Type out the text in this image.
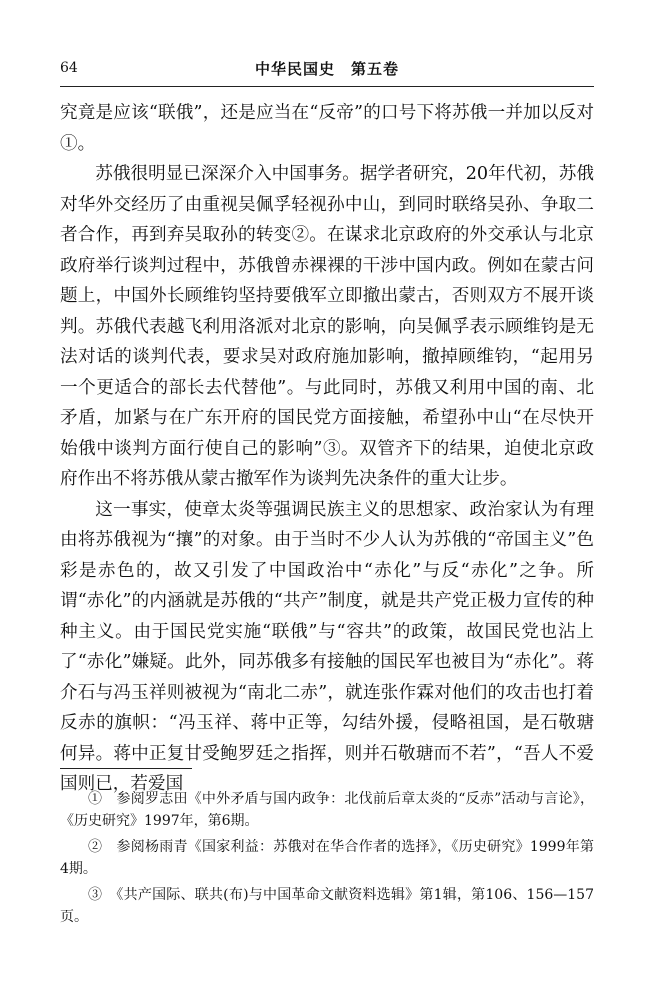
64	中华民国史　第五卷

究竟是应该“联俄”，还是应当在“反帝”的口号下将苏俄一并加以反对①。

苏俄很明显已深深介入中国事务。据学者研究，20年代初，苏俄对华外交经历了由重视吴佩孚轻视孙中山，到同时联络吴孙、争取二者合作，再到弃吴取孙的转变②。在谋求北京政府的外交承认与北京政府举行谈判过程中，苏俄曾赤裸裸的干涉中国内政。例如在蒙古问题上，中国外长顾维钧坚持要俄军立即撤出蒙古，否则双方不展开谈判。苏俄代表越飞利用洛派对北京的影响，向吴佩孚表示顾维钧是无法对话的谈判代表，要求吴对政府施加影响，撤掉顾维钧，“起用另一个更适合的部长去代替他”。与此同时，苏俄又利用中国的南、北矛盾，加紧与在广东开府的国民党方面接触，希望孙中山“在尽快开始俄中谈判方面行使自己的影响”③。双管齐下的结果，迫使北京政府作出不将苏俄从蒙古撤军作为谈判先决条件的重大让步。

这一事实，使章太炎等强调民族主义的思想家、政治家认为有理由将苏俄视为“攘”的对象。由于当时不少人认为苏俄的“帝国主义”色彩是赤色的，故又引发了中国政治中“赤化”与反“赤化”之争。所谓“赤化”的内涵就是苏俄的“共产”制度，就是共产党正极力宣传的种种主义。由于国民党实施“联俄”与“容共”的政策，故国民党也沾上了“赤化”嫌疑。此外，同苏俄多有接触的国民军也被目为“赤化”。蒋介石与冯玉祥则被视为“南北二赤”，就连张作霖对他们的攻击也打着反赤的旗帜：“冯玉祥、蒋中正等，勾结外援，侵略祖国，是石敬瑭何异。蒋中正复甘受鲍罗廷之指挥，则并石敬瑭而不若”，“吾人不爱国则已，若爱国

①　参阅罗志田《中外矛盾与国内政争：北伐前后章太炎的“反赤”活动与言论》，《历史研究》1997年，第6期。

②　参阅杨雨青《国家利益：苏俄对在华合作者的选择》，《历史研究》1999年第4期。

③　《共产国际、联共(布)与中国革命文献资料选辑》第1辑，第106、156—157页。
